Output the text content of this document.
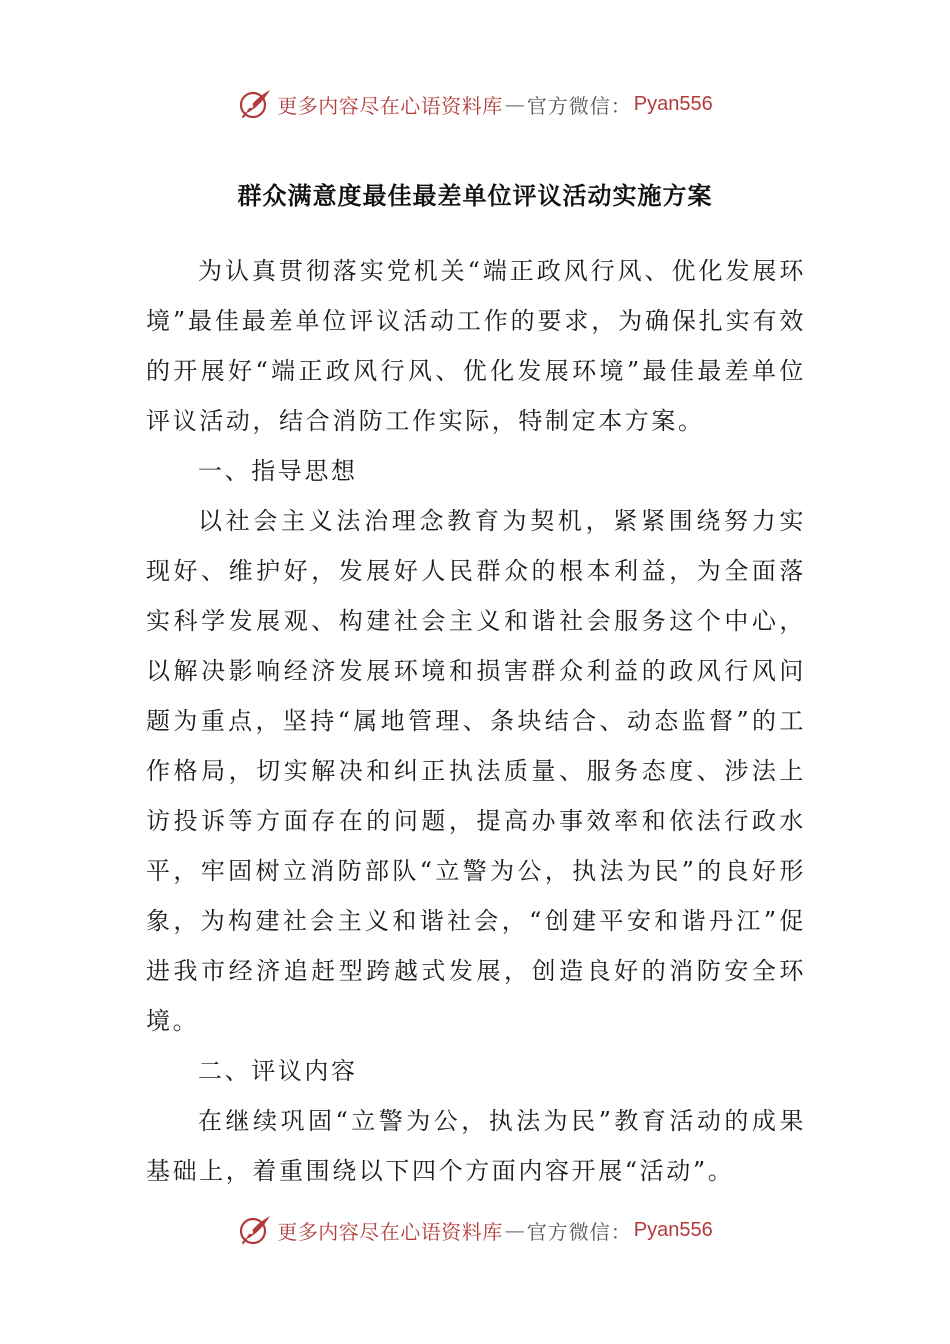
更多内容尽在心语资料库 — 官方微信： Pyan556
群众满意度最佳最差单位评议活动实施方案

为认真贯彻落实党机关“端正政风行风、优化发展环境”最佳最差单位评议活动工作的要求，为确保扎实有效的开展好“端正政风行风、优化发展环境”最佳最差单位评议活动，结合消防工作实际，特制定本方案。

一、指导思想

以社会主义法治理念教育为契机，紧紧围绕努力实现好、维护好，发展好人民群众的根本利益，为全面落实科学发展观、构建社会主义和谐社会服务这个中心，以解决影响经济发展环境和损害群众利益的政风行风问题为重点，坚持“属地管理、条块结合、动态监督”的工作格局，切实解决和纠正执法质量、服务态度、涉法上访投诉等方面存在的问题，提高办事效率和依法行政水平，牢固树立消防部队“立警为公，执法为民”的良好形象，为构建社会主义和谐社会，“创建平安和谐丹江”促进我市经济追赶型跨越式发展，创造良好的消防安全环境。

二、评议内容

在继续巩固“立警为公，执法为民”教育活动的成果基础上，着重围绕以下四个方面内容开展“活动”。

更多内容尽在心语资料库 — 官方微信： Pyan556
